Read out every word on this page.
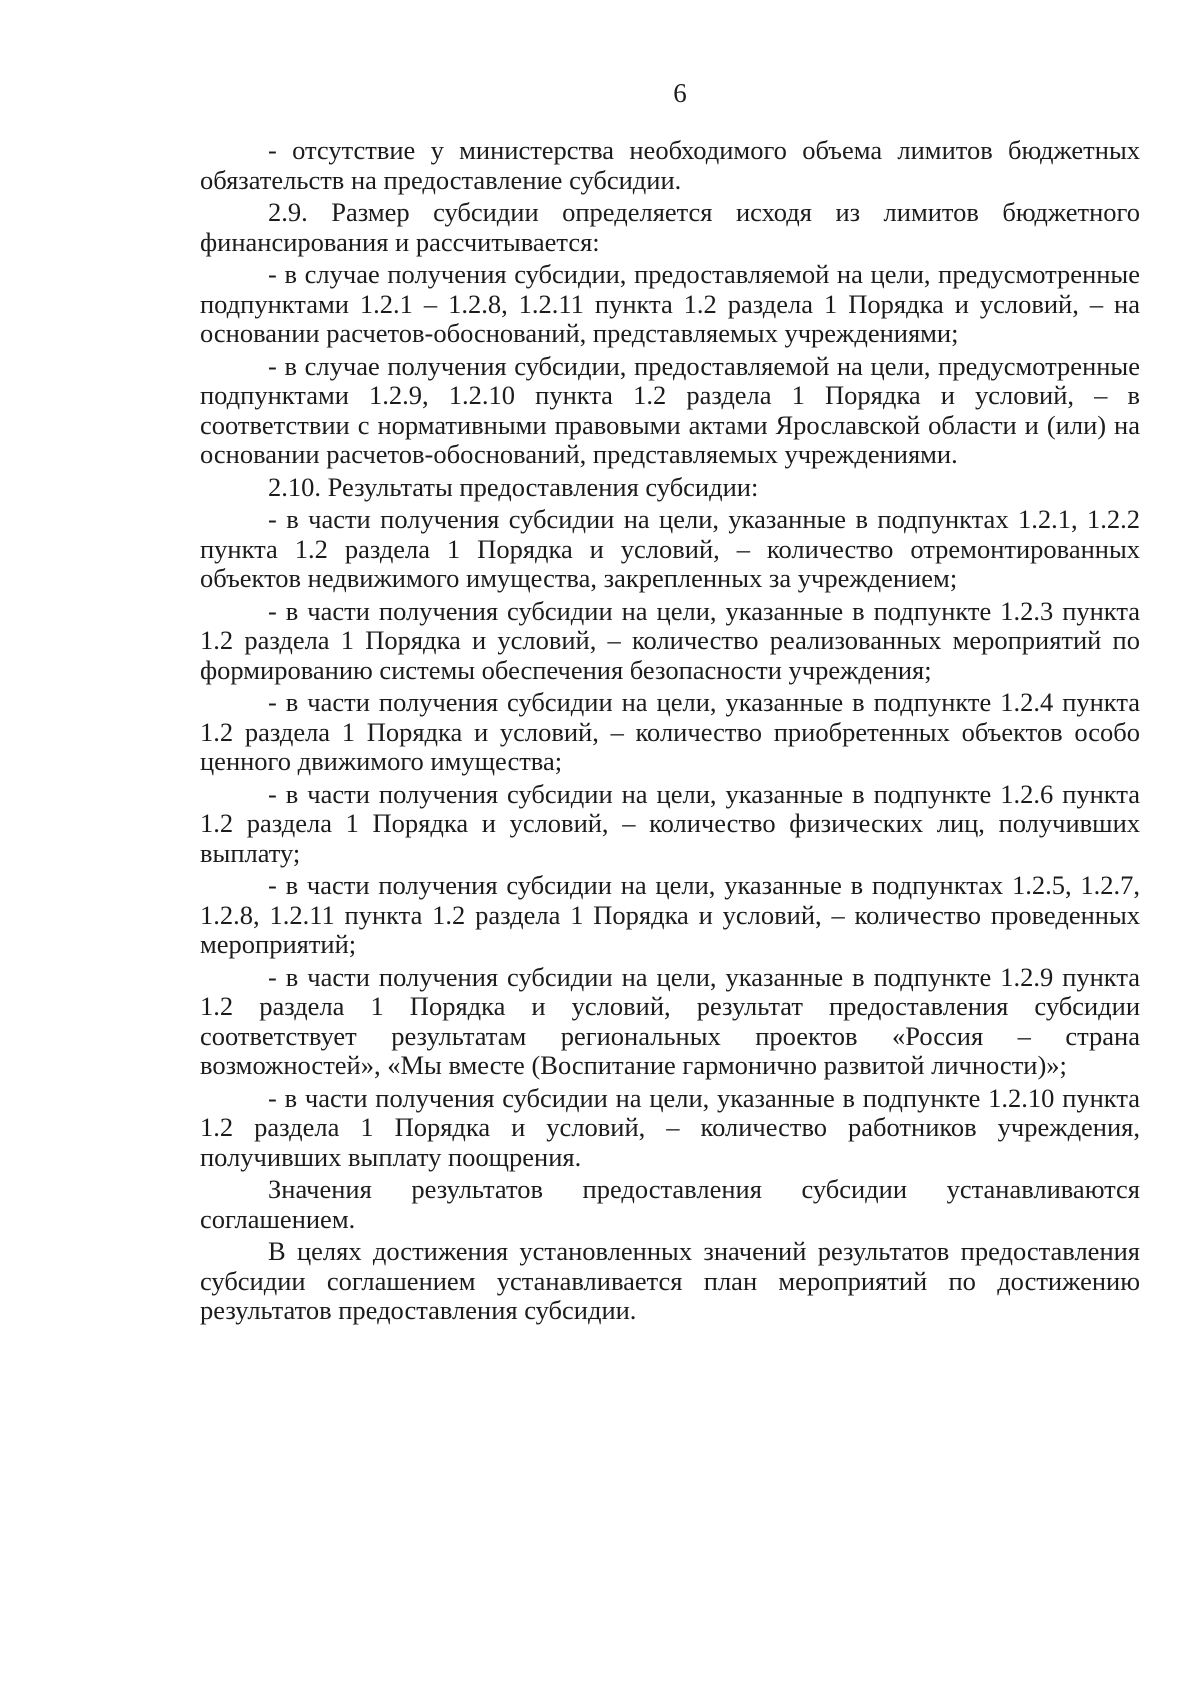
6

- отсутствие у министерства необходимого объема лимитов бюджетных обязательств на предоставление субсидии.

2.9. Размер субсидии определяется исходя из лимитов бюджетного финансирования и рассчитывается:

- в случае получения субсидии, предоставляемой на цели, предусмотренные подпунктами 1.2.1 – 1.2.8, 1.2.11 пункта 1.2 раздела 1 Порядка и условий, – на основании расчетов-обоснований, представляемых учреждениями;

- в случае получения субсидии, предоставляемой на цели, предусмотренные подпунктами 1.2.9, 1.2.10 пункта 1.2 раздела 1 Порядка и условий, – в соответствии с нормативными правовыми актами Ярославской области и (или) на основании расчетов-обоснований, представляемых учреждениями.

2.10. Результаты предоставления субсидии:

- в части получения субсидии на цели, указанные в подпунктах 1.2.1, 1.2.2 пункта 1.2 раздела 1 Порядка и условий, – количество отремонтированных объектов недвижимого имущества, закрепленных за учреждением;

- в части получения субсидии на цели, указанные в подпункте 1.2.3 пункта 1.2 раздела 1 Порядка и условий, – количество реализованных мероприятий по формированию системы обеспечения безопасности учреждения;

- в части получения субсидии на цели, указанные в подпункте 1.2.4 пункта 1.2 раздела 1 Порядка и условий, – количество приобретенных объектов особо ценного движимого имущества;

- в части получения субсидии на цели, указанные в подпункте 1.2.6 пункта 1.2 раздела 1 Порядка и условий, – количество физических лиц, получивших выплату;

- в части получения субсидии на цели, указанные в подпунктах 1.2.5, 1.2.7, 1.2.8, 1.2.11 пункта 1.2 раздела 1 Порядка и условий, – количество проведенных мероприятий;

- в части получения субсидии на цели, указанные в подпункте 1.2.9 пункта 1.2 раздела 1 Порядка и условий, результат предоставления субсидии соответствует результатам региональных проектов «Россия – страна возможностей», «Мы вместе (Воспитание гармонично развитой личности)»;

- в части получения субсидии на цели, указанные в подпункте 1.2.10 пункта 1.2 раздела 1 Порядка и условий, – количество работников учреждения, получивших выплату поощрения.

Значения результатов предоставления субсидии устанавливаются соглашением.

В целях достижения установленных значений результатов предоставления субсидии соглашением устанавливается план мероприятий по достижению результатов предоставления субсидии.
